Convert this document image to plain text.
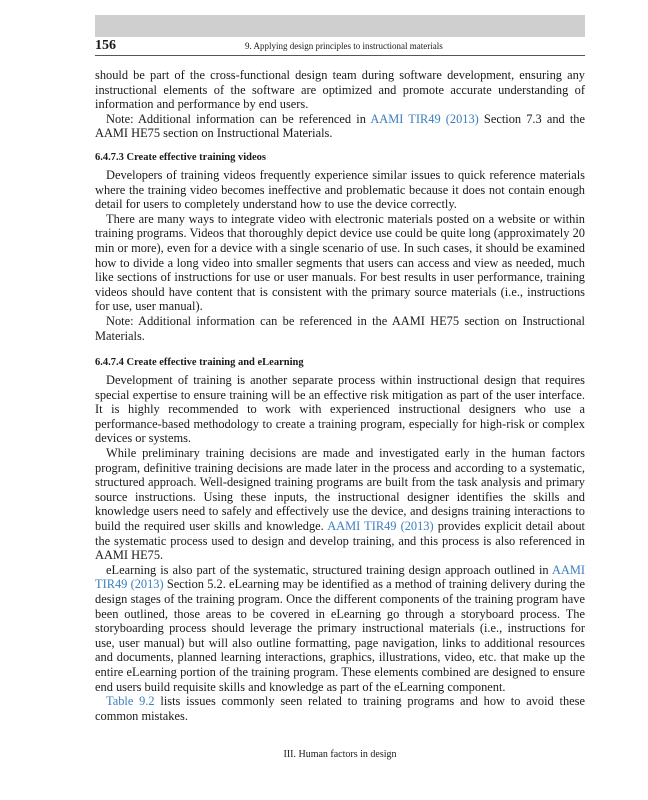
156	9. Applying design principles to instructional materials

should be part of the cross-functional design team during software development, ensuring any instructional elements of the software are optimized and promote accurate understanding of information and performance by end users.

Note: Additional information can be referenced in AAMI TIR49 (2013) Section 7.3 and the AAMI HE75 section on Instructional Materials.

6.4.7.3 Create effective training videos

Developers of training videos frequently experience similar issues to quick reference materials where the training video becomes ineffective and problematic because it does not contain enough detail for users to completely understand how to use the device correctly.

There are many ways to integrate video with electronic materials posted on a website or within training programs. Videos that thoroughly depict device use could be quite long (approximately 20 min or more), even for a device with a single scenario of use. In such cases, it should be examined how to divide a long video into smaller segments that users can access and view as needed, much like sections of instructions for use or user manuals. For best results in user performance, training videos should have content that is consistent with the primary source materials (i.e., instructions for use, user manual).

Note: Additional information can be referenced in the AAMI HE75 section on Instructional Materials.

6.4.7.4 Create effective training and eLearning

Development of training is another separate process within instructional design that requires special expertise to ensure training will be an effective risk mitigation as part of the user interface. It is highly recommended to work with experienced instructional designers who use a performance-based methodology to create a training program, especially for high-risk or complex devices or systems.

While preliminary training decisions are made and investigated early in the human factors program, definitive training decisions are made later in the process and according to a systematic, structured approach. Well-designed training programs are built from the task analysis and primary source instructions. Using these inputs, the instructional designer identifies the skills and knowledge users need to safely and effectively use the device, and designs training interactions to build the required user skills and knowledge. AAMI TIR49 (2013) provides explicit detail about the systematic process used to design and develop training, and this process is also referenced in AAMI HE75.

eLearning is also part of the systematic, structured training design approach outlined in AAMI TIR49 (2013) Section 5.2. eLearning may be identified as a method of training delivery during the design stages of the training program. Once the different components of the training program have been outlined, those areas to be covered in eLearning go through a storyboard process. The storyboarding process should leverage the primary instructional materials (i.e., instructions for use, user manual) but will also outline formatting, page navigation, links to additional resources and documents, planned learning interactions, graphics, illustrations, video, etc. that make up the entire eLearning portion of the training program. These elements combined are designed to ensure end users build requisite skills and knowledge as part of the eLearning component.

Table 9.2 lists issues commonly seen related to training programs and how to avoid these common mistakes.

III. Human factors in design
